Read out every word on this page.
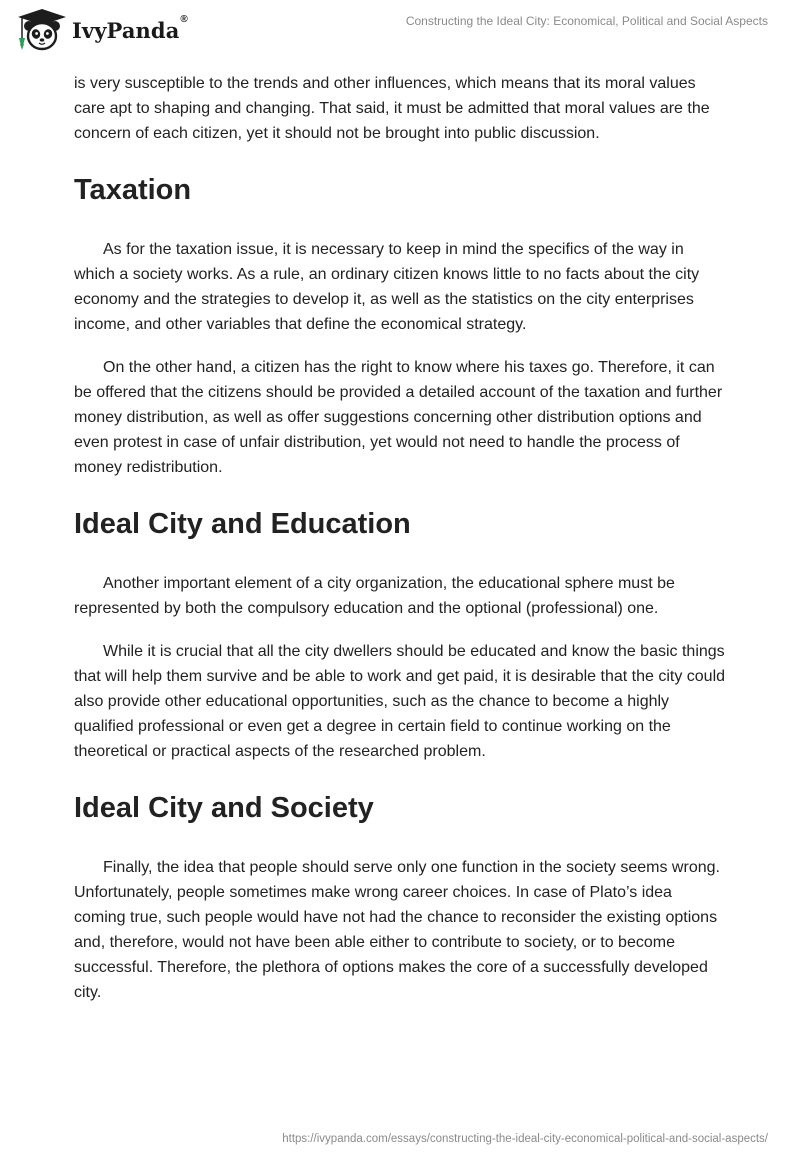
IvyPanda®	Constructing the Ideal City: Economical, Political and Social Aspects

is very susceptible to the trends and other influences, which means that its moral values care apt to shaping and changing. That said, it must be admitted that moral values are the concern of each citizen, yet it should not be brought into public discussion.

Taxation

As for the taxation issue, it is necessary to keep in mind the specifics of the way in which a society works. As a rule, an ordinary citizen knows little to no facts about the city economy and the strategies to develop it, as well as the statistics on the city enterprises income, and other variables that define the economical strategy.

On the other hand, a citizen has the right to know where his taxes go. Therefore, it can be offered that the citizens should be provided a detailed account of the taxation and further money distribution, as well as offer suggestions concerning other distribution options and even protest in case of unfair distribution, yet would not need to handle the process of money redistribution.

Ideal City and Education

Another important element of a city organization, the educational sphere must be represented by both the compulsory education and the optional (professional) one.

While it is crucial that all the city dwellers should be educated and know the basic things that will help them survive and be able to work and get paid, it is desirable that the city could also provide other educational opportunities, such as the chance to become a highly qualified professional or even get a degree in certain field to continue working on the theoretical or practical aspects of the researched problem.

Ideal City and Society

Finally, the idea that people should serve only one function in the society seems wrong. Unfortunately, people sometimes make wrong career choices. In case of Plato’s idea coming true, such people would have not had the chance to reconsider the existing options and, therefore, would not have been able either to contribute to society, or to become successful. Therefore, the plethora of options makes the core of a successfully developed city.

https://ivypanda.com/essays/constructing-the-ideal-city-economical-political-and-social-aspects/
